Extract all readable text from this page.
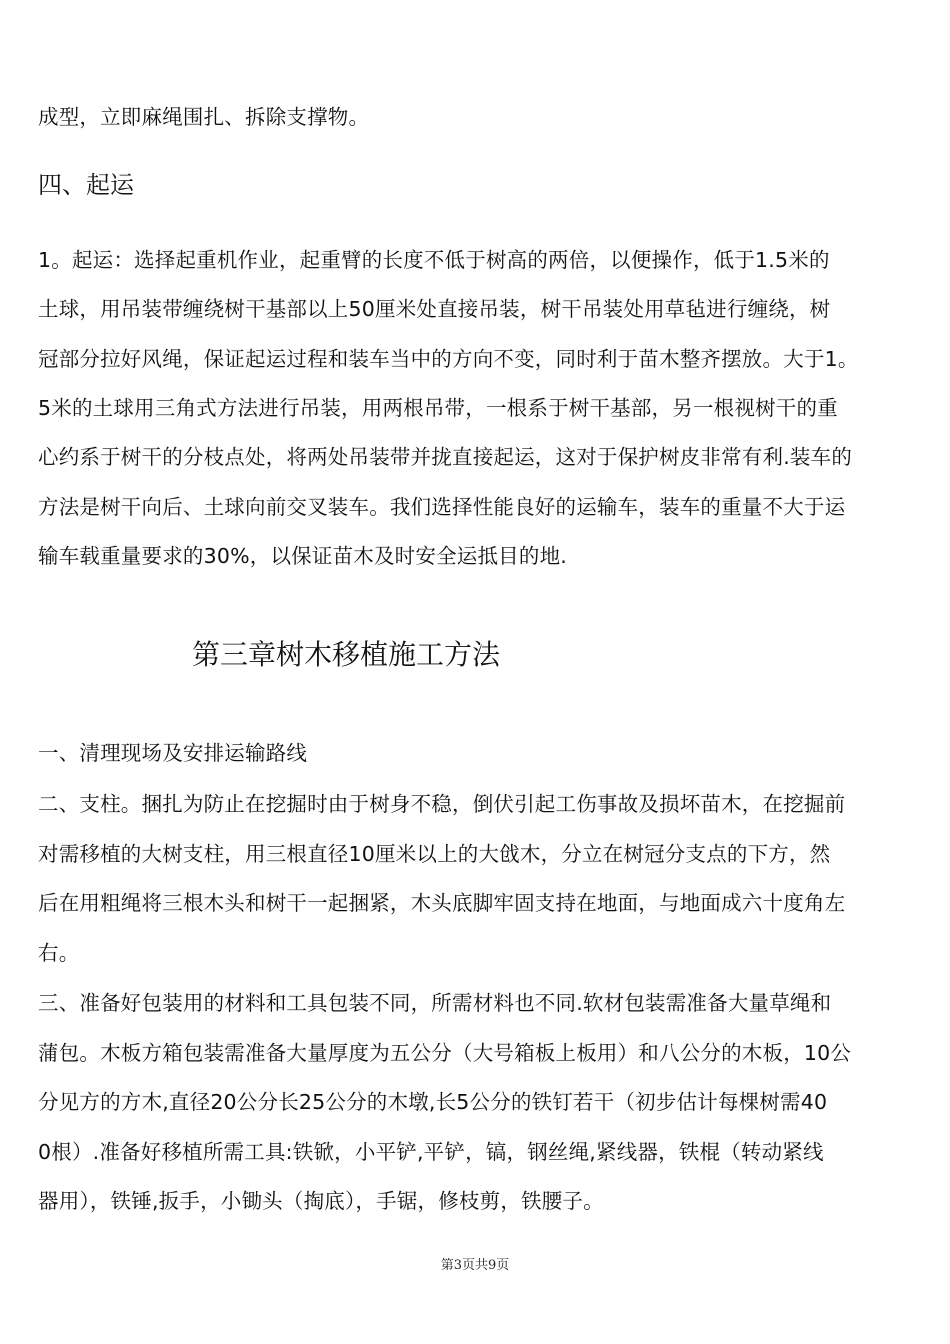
成型，立即麻绳围扎、拆除支撑物。
四、起运
1。起运：选择起重机作业，起重臂的长度不低于树高的两倍，以便操作，低于1.5米的
土球，用吊装带缠绕树干基部以上50厘米处直接吊装，树干吊装处用草毡进行缠绕，树
冠部分拉好风绳，保证起运过程和装车当中的方向不变，同时利于苗木整齐摆放。大于1。
5米的土球用三角式方法进行吊装，用两根吊带，一根系于树干基部，另一根视树干的重
心约系于树干的分枝点处，将两处吊装带并拢直接起运，这对于保护树皮非常有利.装车的
方法是树干向后、土球向前交叉装车。我们选择性能良好的运输车，装车的重量不大于运
输车载重量要求的30%，以保证苗木及时安全运抵目的地.
第三章树木移植施工方法
一、清理现场及安排运输路线
二、支柱。捆扎为防止在挖掘时由于树身不稳，倒伏引起工伤事故及损坏苗木，在挖掘前
对需移植的大树支柱，用三根直径10厘米以上的大戗木，分立在树冠分支点的下方，然
后在用粗绳将三根木头和树干一起捆紧，木头底脚牢固支持在地面，与地面成六十度角左
右。
三、准备好包装用的材料和工具包装不同，所需材料也不同.软材包装需准备大量草绳和
蒲包。木板方箱包装需准备大量厚度为五公分（大号箱板上板用）和八公分的木板，10公
分见方的方木,直径20公分长25公分的木墩,长5公分的铁钉若干（初步估计每棵树需40
0根）.准备好移植所需工具:铁锨，小平铲,平铲，镐，钢丝绳,紧线器，铁棍（转动紧线
器用），铁锤,扳手，小锄头（掏底），手锯，修枝剪，铁腰子。
第3页共9页
